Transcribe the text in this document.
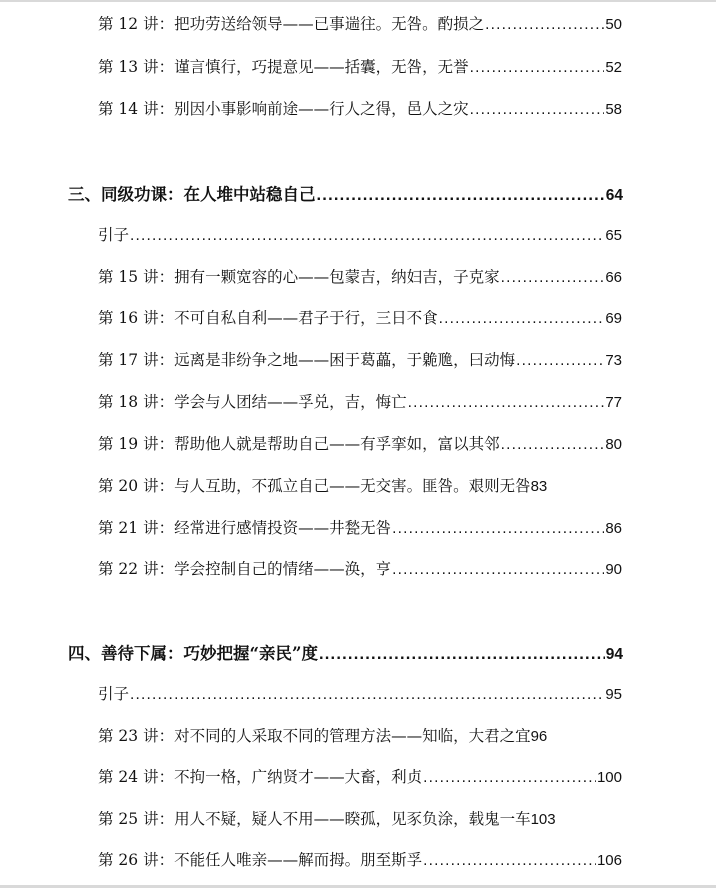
第 12 讲：把功劳送给领导——已事遄往。无咎。酌损之 .....	50
第 13 讲：谨言慎行，巧提意见——括囊，无咎，无誉 .....	52
第 14 讲：别因小事影响前途——行人之得，邑人之灾 .....	58
三、同级功课：在人堆中站稳自己 .....	64
引子 .....	65
第 15 讲：拥有一颗宽容的心——包蒙吉，纳妇吉，子克家 .....	66
第 16 讲：不可自私自利——君子于行，三日不食 .....	69
第 17 讲：远离是非纷争之地——困于葛藟，于臲卼，曰动悔 .....	73
第 18 讲：学会与人团结——孚兑，吉，悔亡 .....	77
第 19 讲：帮助他人就是帮助自己——有孚挛如，富以其邻 .....	80
第 20 讲：与人互助，不孤立自己——无交害。匪咎。艰则无咎 83
第 21 讲：经常进行感情投资——井甃无咎 .....	86
第 22 讲：学会控制自己的情绪——涣，亨 .....	90
四、善待下属：巧妙把握“亲民”度 .....	94
引子 .....	95
第 23 讲：对不同的人采取不同的管理方法——知临，大君之宜 96
第 24 讲：不拘一格，广纳贤才——大畜，利贞 .....	100
第 25 讲：用人不疑，疑人不用——睽孤，见豕负涂，载鬼一车 103
第 26 讲：不能任人唯亲——解而拇。朋至斯孚 .....	106
